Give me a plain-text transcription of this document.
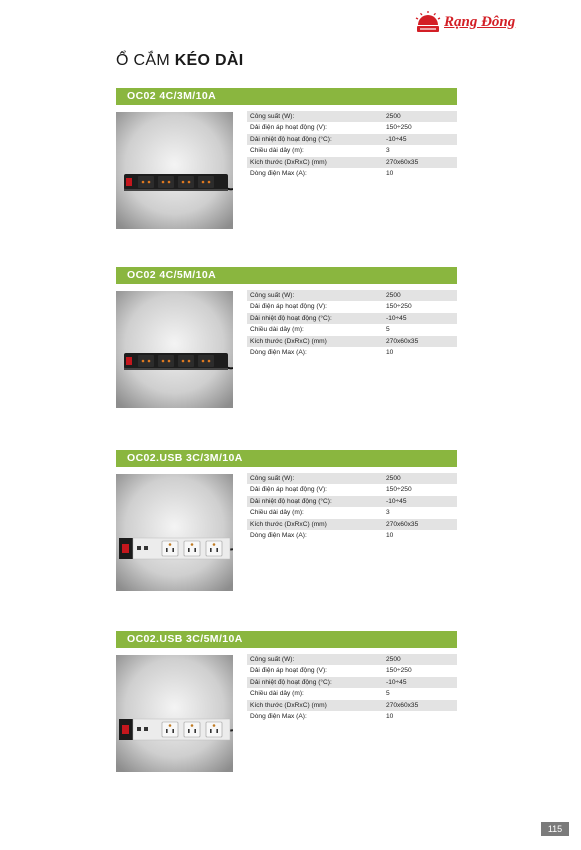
Rạng Đông
Ổ CẮM KÉO DÀI
OC02 4C/3M/10A
Công suất (W):	2500
Dải điện áp hoạt động (V):	150÷250
Dải nhiệt độ hoạt động (°C):	-10÷45
Chiều dài dây (m):	3
Kích thước (DxRxC) (mm)	270x60x35
Dòng điện Max (A):	10
OC02 4C/5M/10A
Công suất (W):	2500
Dải điện áp hoạt động (V):	150÷250
Dải nhiệt độ hoạt động (°C):	-10÷45
Chiều dài dây (m):	5
Kích thước (DxRxC) (mm)	270x60x35
Dòng điện Max (A):	10
OC02.USB 3C/3M/10A
Công suất (W):	2500
Dải điện áp hoạt động (V):	150÷250
Dải nhiệt độ hoạt động (°C):	-10÷45
Chiều dài dây (m):	3
Kích thước (DxRxC) (mm)	270x60x35
Dòng điện Max (A):	10
OC02.USB 3C/5M/10A
Công suất (W):	2500
Dải điện áp hoạt động (V):	150÷250
Dải nhiệt độ hoạt động (°C):	-10÷45
Chiều dài dây (m):	5
Kích thước (DxRxC) (mm)	270x60x35
Dòng điện Max (A):	10
115
